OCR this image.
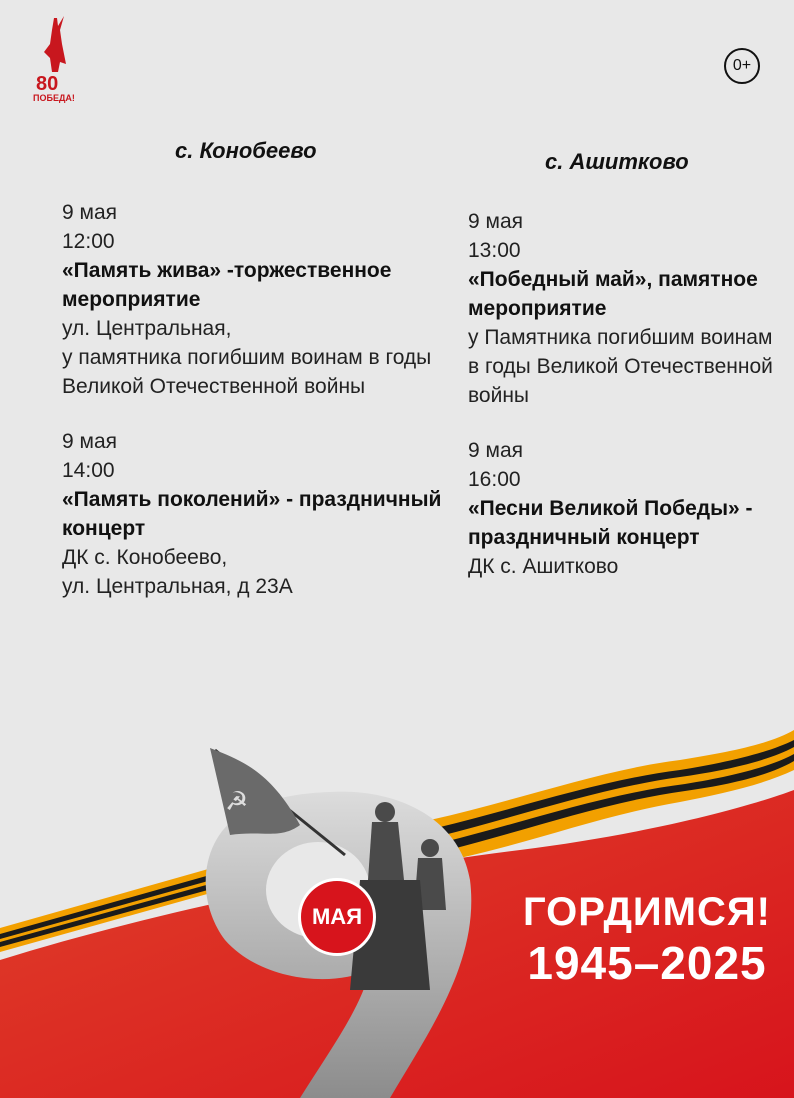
80
ПОБЕДА!
0+
с. Конобеево	с. Ашитково
9 мая
12:00
«Память жива» -торжественное мероприятие
ул. Центральная,
у памятника погибшим воинам в годы Великой Отечественной войны
9 мая
14:00
«Память поколений» - праздничный концерт
ДК с. Конобеево,
ул. Центральная, д 23А
9 мая
13:00
«Победный май», памятное мероприятие
у Памятника погибшим воинам в годы Великой Отечественной войны
9 мая
16:00
«Песни Великой Победы» - праздничный концерт
ДК с. Ашитково
☭
МАЯ	ГОРДИМСЯ!
1945–2025
